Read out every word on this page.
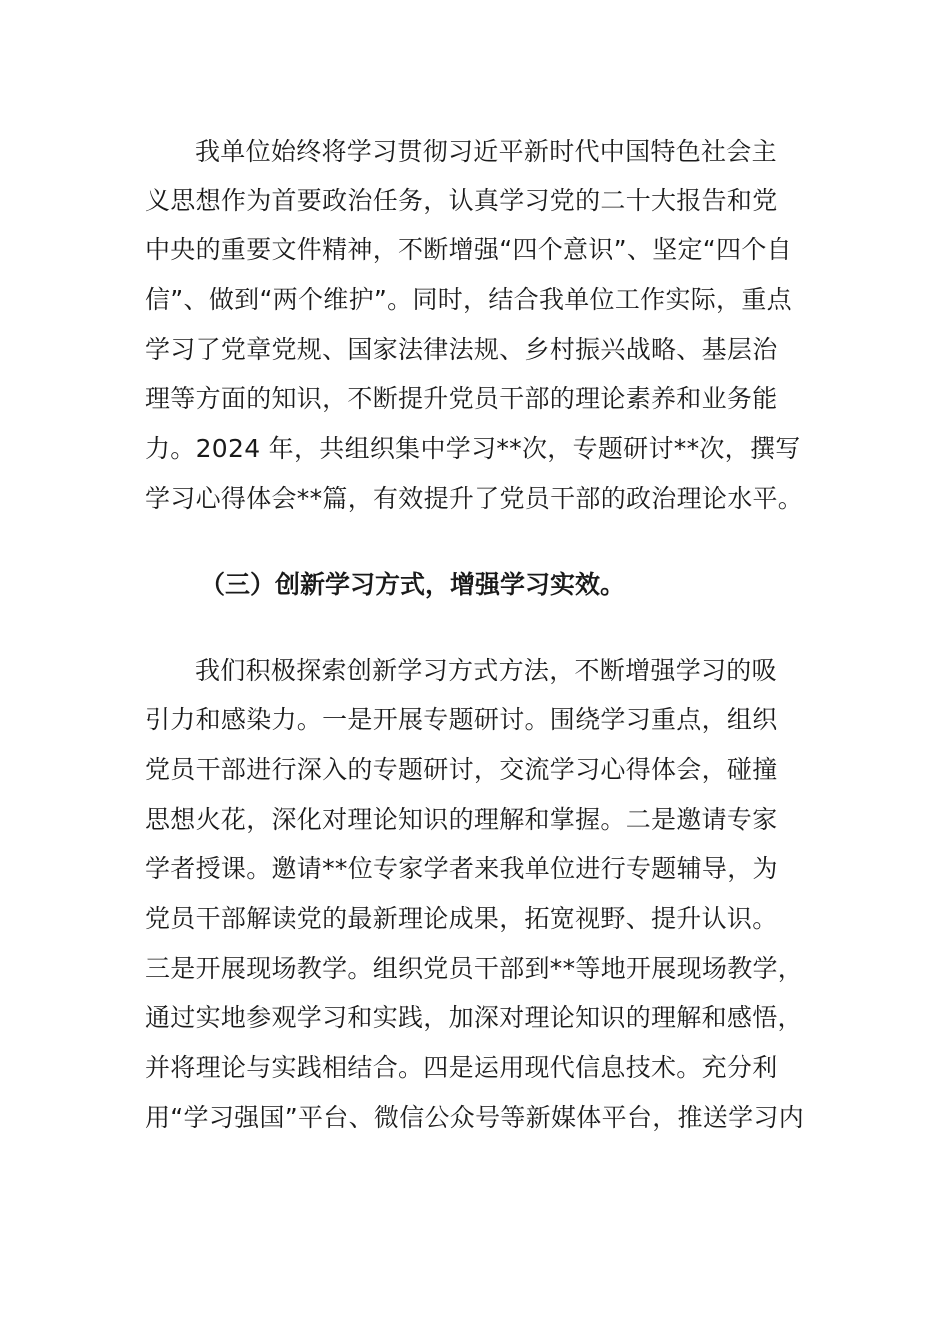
我单位始终将学习贯彻习近平新时代中国特色社会主
义思想作为首要政治任务，认真学习党的二十大报告和党
中央的重要文件精神，不断增强“四个意识”、坚定“四个自
信”、做到“两个维护”。同时，结合我单位工作实际，重点
学习了党章党规、国家法律法规、乡村振兴战略、基层治
理等方面的知识，不断提升党员干部的理论素养和业务能
力。2024 年，共组织集中学习**次，专题研讨**次，撰写
学习心得体会**篇，有效提升了党员干部的政治理论水平。
（三）创新学习方式，增强学习实效。
我们积极探索创新学习方式方法，不断增强学习的吸
引力和感染力。一是开展专题研讨。围绕学习重点，组织
党员干部进行深入的专题研讨，交流学习心得体会，碰撞
思想火花，深化对理论知识的理解和掌握。二是邀请专家
学者授课。邀请**位专家学者来我单位进行专题辅导，为
党员干部解读党的最新理论成果，拓宽视野、提升认识。
三是开展现场教学。组织党员干部到**等地开展现场教学，
通过实地参观学习和实践，加深对理论知识的理解和感悟，
并将理论与实践相结合。四是运用现代信息技术。充分利
用“学习强国”平台、微信公众号等新媒体平台，推送学习内
